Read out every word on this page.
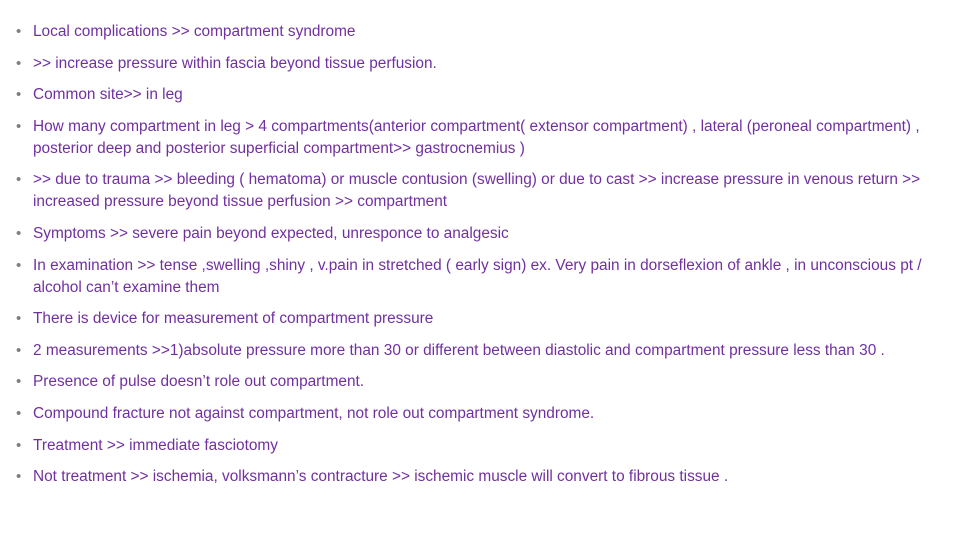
• Local complications >> compartment syndrome
• >> increase pressure within fascia beyond tissue perfusion.
• Common site>> in leg
• How many compartment in leg > 4 compartments(anterior compartment( extensor compartment) , lateral (peroneal compartment) , posterior deep and posterior superficial compartment>> gastrocnemius )
• >> due to trauma >> bleeding ( hematoma) or muscle contusion (swelling) or due to cast >> increase pressure in venous return >> increased pressure beyond tissue perfusion >> compartment
• Symptoms >> severe pain beyond expected, unresponce to analgesic
• In examination >> tense ,swelling ,shiny , v.pain in stretched ( early sign) ex. Very pain in dorseflexion of ankle , in unconscious pt / alcohol can’t examine them
• There is device for measurement of compartment pressure
• 2 measurements >>1)absolute pressure more than 30 or different between diastolic and compartment pressure less than 30 .
• Presence of pulse doesn’t role out compartment.
• Compound fracture not against compartment, not role out compartment syndrome.
• Treatment >> immediate fasciotomy
• Not treatment >> ischemia, volksmann’s contracture >> ischemic muscle will convert to fibrous tissue .
